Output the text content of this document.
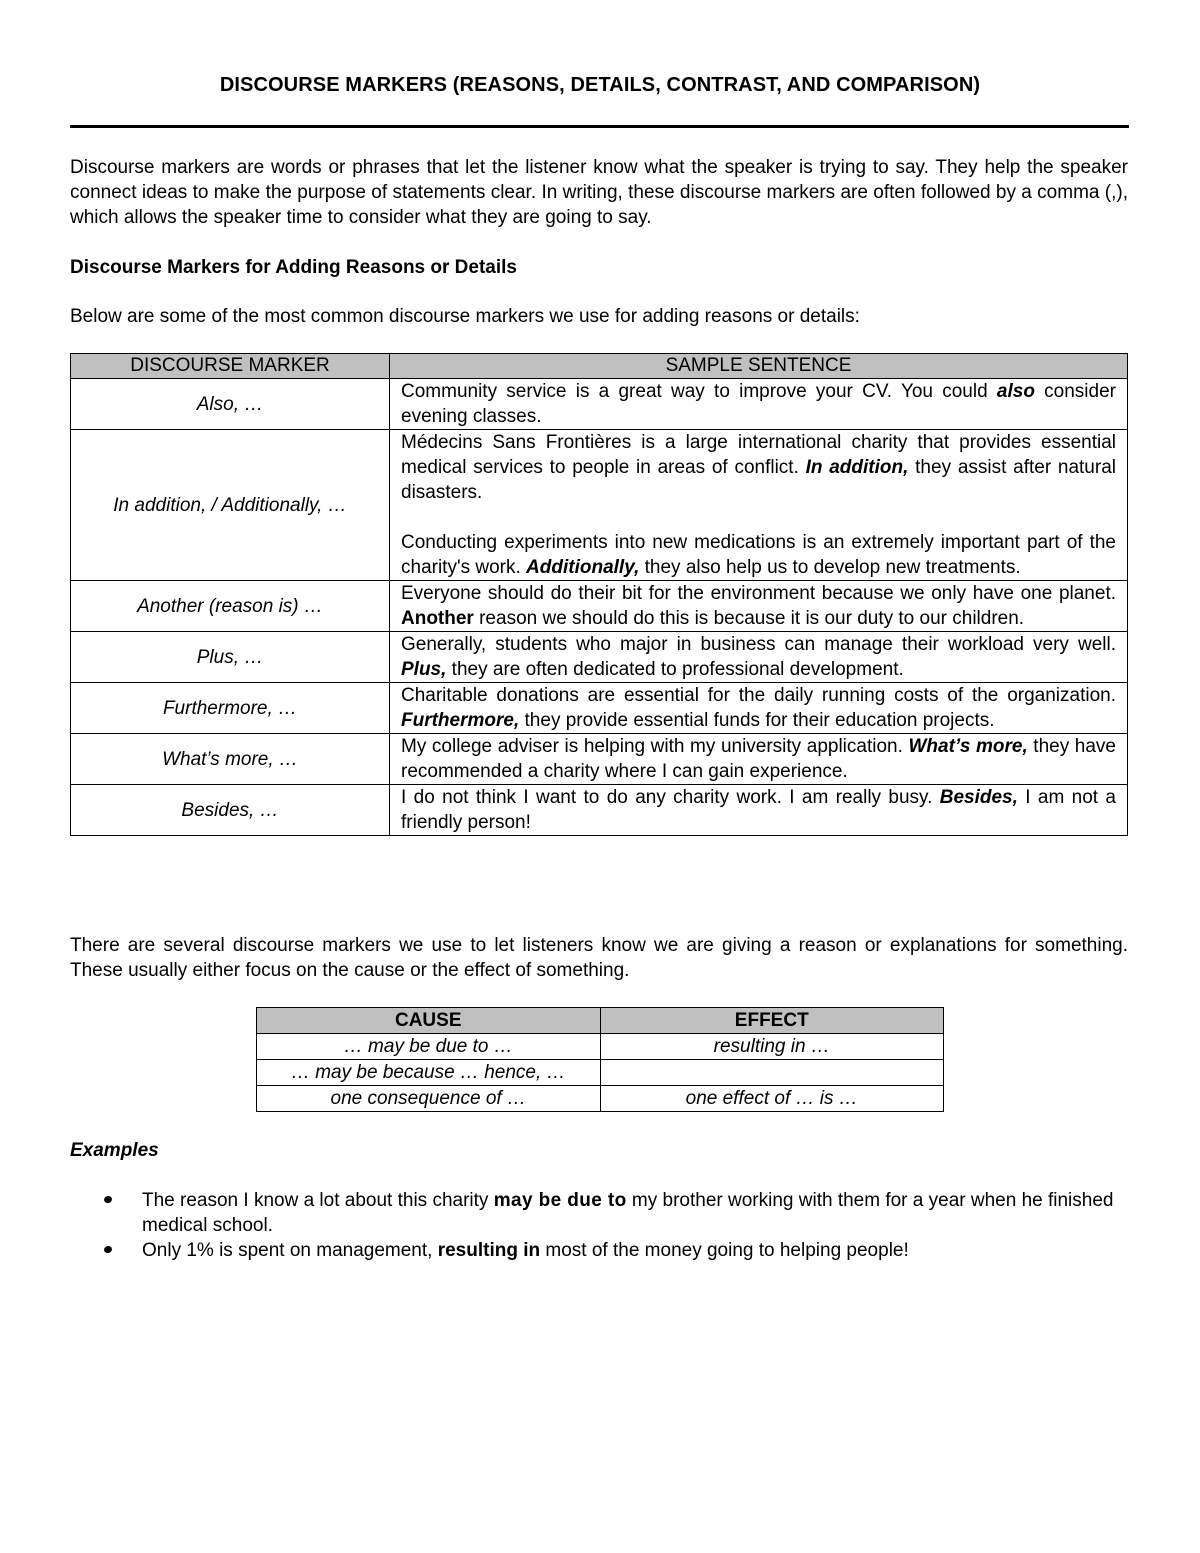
DISCOURSE MARKERS (REASONS, DETAILS, CONTRAST, AND COMPARISON)
Discourse markers are words or phrases that let the listener know what the speaker is trying to say. They help the speaker connect ideas to make the purpose of statements clear. In writing, these discourse markers are often followed by a comma (,), which allows the speaker time to consider what they are going to say.
Discourse Markers for Adding Reasons or Details
Below are some of the most common discourse markers we use for adding reasons or details:
DISCOURSE MARKER	SAMPLE SENTENCE
Also, …	Community service is a great way to improve your CV. You could also consider evening classes.

In addition, / Additionally, …	Médecins Sans Frontières is a large international charity that provides essential medical services to people in areas of conflict. In addition, they assist after natural disasters.

Conducting experiments into new medications is an extremely important part of the charity's work. Additionally, they also help us to develop new treatments.

Another (reason is) …	Everyone should do their bit for the environment because we only have one planet. Another reason we should do this is because it is our duty to our children.

Plus, …	Generally, students who major in business can manage their workload very well. Plus, they are often dedicated to professional development.

Furthermore, …	Charitable donations are essential for the daily running costs of the organization. Furthermore, they provide essential funds for their education projects.

What’s more, …	My college adviser is helping with my university application. What’s more, they have recommended a charity where I can gain experience.

Besides, …	I do not think I want to do any charity work. I am really busy. Besides, I am not a friendly person!

There are several discourse markers we use to let listeners know we are giving a reason or explanations for something. These usually either focus on the cause or the effect of something.
CAUSE	EFFECT
… may be due to …	resulting in …
… may be because … hence, …	
one consequence of …	one effect of … is …
Examples
The reason I know a lot about this charity may be due to my brother working with them for a year when he finished medical school.
Only 1% is spent on management, resulting in most of the money going to helping people!
